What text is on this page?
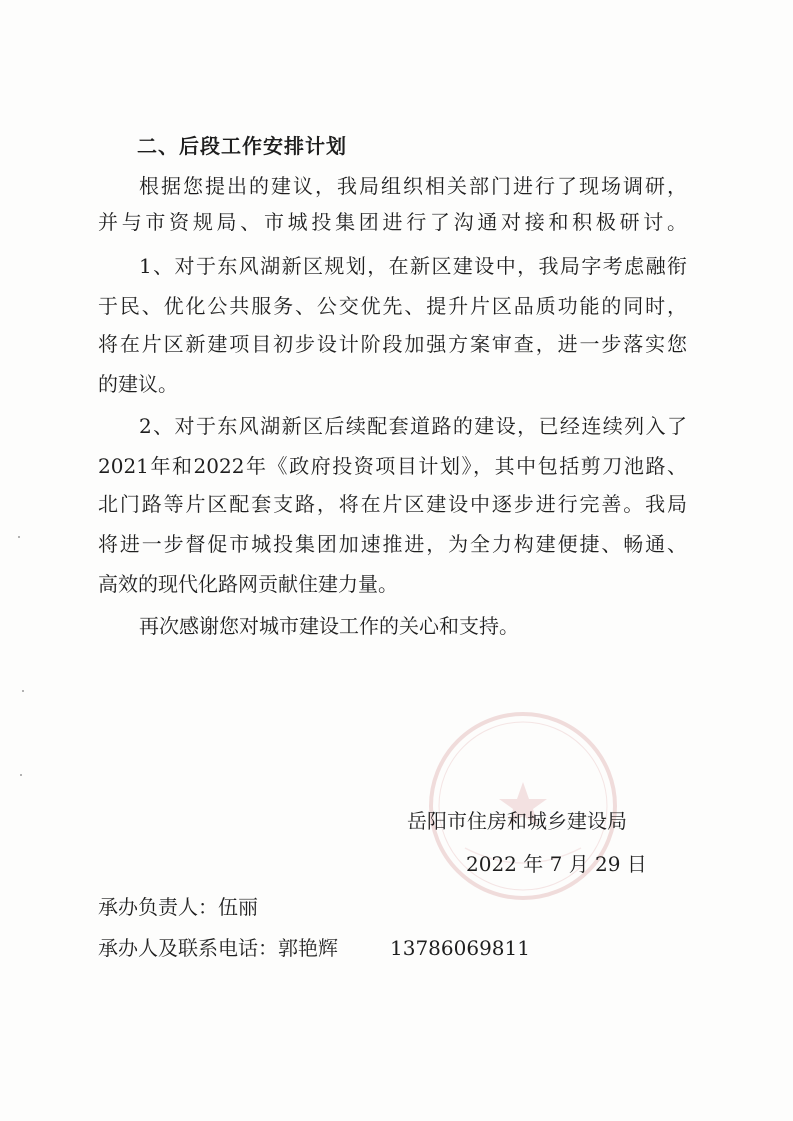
二、后段工作安排计划
根据您提出的建议，我局组织相关部门进行了现场调研，
并与市资规局、市城投集团进行了沟通对接和积极研讨。
1、对于东风湖新区规划，在新区建设中，我局字考虑融衔
于民、优化公共服务、公交优先、提升片区品质功能的同时，
将在片区新建项目初步设计阶段加强方案审查，进一步落实您
的建议。
2、对于东风湖新区后续配套道路的建设，已经连续列入了
2021年和2022年《政府投资项目计划》，其中包括剪刀池路、
北门路等片区配套支路，将在片区建设中逐步进行完善。我局
将进一步督促市城投集团加速推进，为全力构建便捷、畅通、
高效的现代化路网贡献住建力量。
再次感谢您对城市建设工作的关心和支持。
岳阳市住房和城乡建设局
2022 年 7 月 29 日
承办负责人：伍丽
承办人及联系电话：郭艳辉	13786069811
